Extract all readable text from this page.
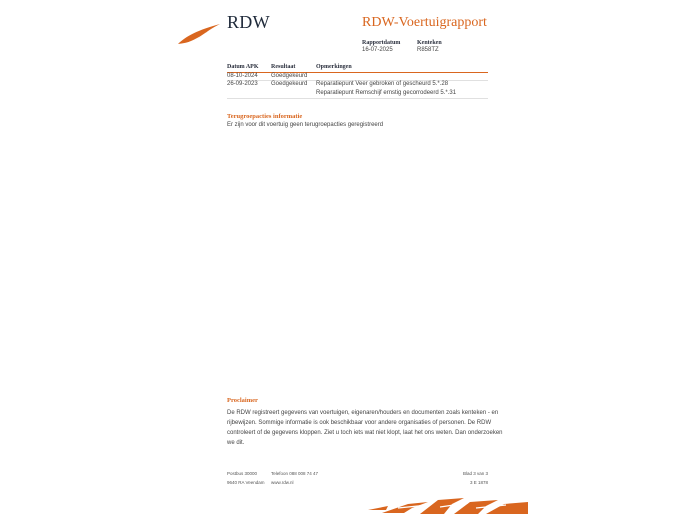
RDW	RDW-Voertuigrapport
Rapportdatum
16-07-2025
Kenteken
R858TZ
Datum APK Resultaat	Opmerkingen
08-10-2024 Goedgekeurd
26-09-2023 Goedgekeurd Reparatiepunt Veer gebroken of gescheurd 5.*.28
Reparatiepunt Remschijf ernstig gecorrodeerd 5.*.31
Terugroepacties informatie
Er zijn voor dit voertuig geen terugroepacties geregistreerd
Proclaimer
De RDW registreert gegevens van voertuigen, eigenaren/houders en documenten zoals kenteken - en
rijbewijzen. Sommige informatie is ook beschikbaar voor andere organisaties of personen. De RDW
controleert of de gegevens kloppen. Ziet u toch iets wat niet klopt, laat het ons weten. Dan onderzoeken
we dit.
Postbus 30000
9640 RA Veendam
Telefoon 088 008 74 47
www.rdw.nl
Blad 3 van 3
3 E 1878
